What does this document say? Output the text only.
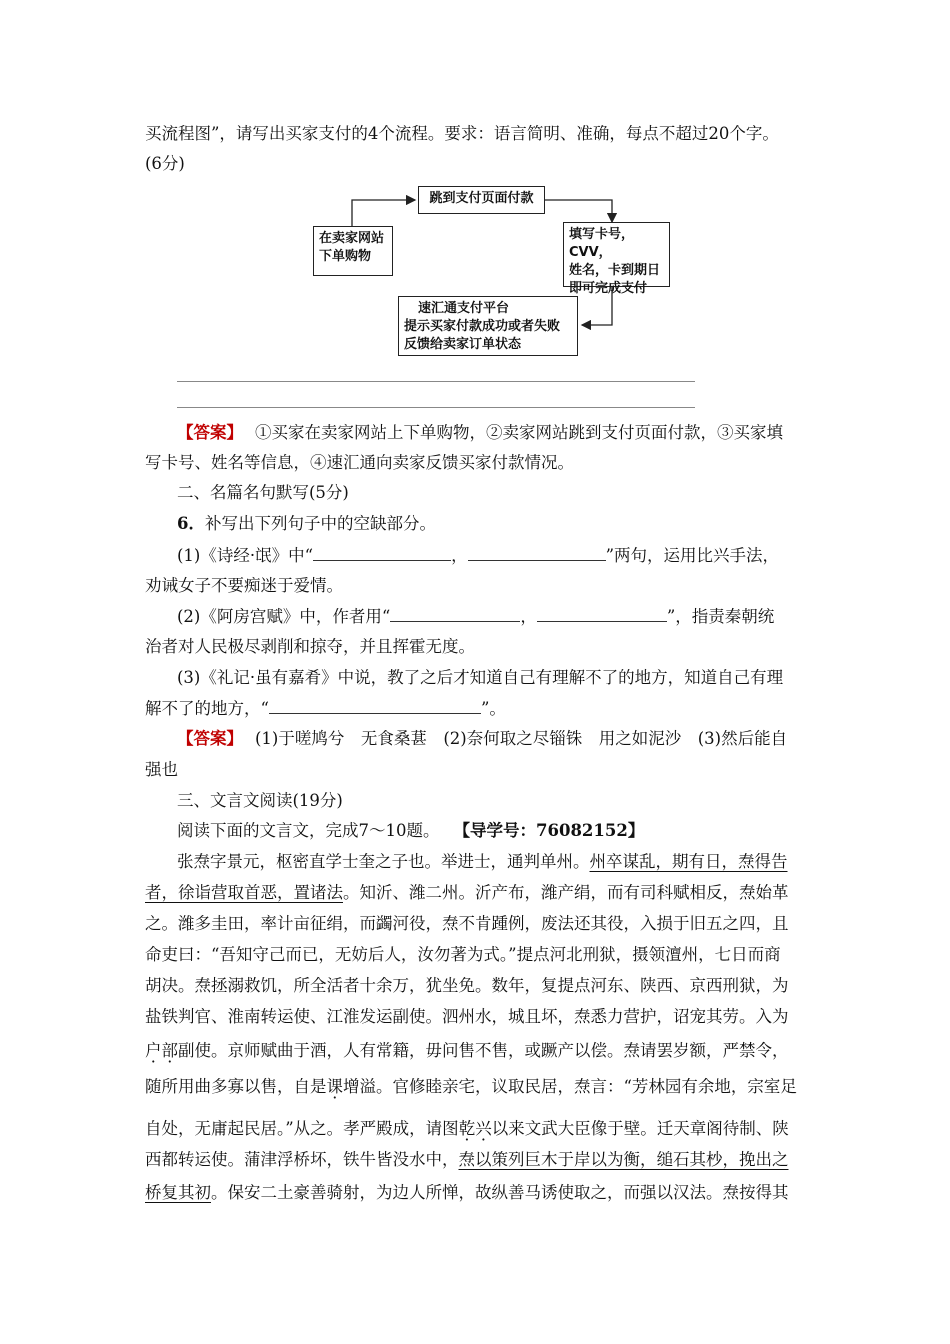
买流程图”，请写出买家支付的4个流程。要求：语言简明、准确，每点不超过20个字。
(6分)
跳到支付页面付款
在卖家网站
下单购物
填写卡号，CVV，
姓名，卡到期日
即可完成支付
速汇通支付平台
提示买家付款成功或者失败
反馈给卖家订单状态
【答案】 ①买家在卖家网站上下单购物，②卖家网站跳到支付页面付款，③买家填
写卡号、姓名等信息，④速汇通向卖家反馈买家付款情况。
二、名篇名句默写(5分)
6．补写出下列句子中的空缺部分。
(1)《诗经·氓》中“	，	”两句，运用比兴手法，
劝诫女子不要痴迷于爱情。
(2)《阿房宫赋》中，作者用“	，	”，指责秦朝统
治者对人民极尽剥削和掠夺，并且挥霍无度。
(3)《礼记·虽有嘉肴》中说，教了之后才知道自己有理解不了的地方，知道自己有理
解不了的地方，“	”。
【答案】 (1)于嗟鸠兮　无食桑葚　(2)奈何取之尽锱铢　用之如泥沙　(3)然后能自
强也
三、文言文阅读(19分)
阅读下面的文言文，完成7～10题。 【导学号：76082152】
张焘字景元，枢密直学士奎之子也。举进士，通判单州。州卒谋乱，期有日，焘得告
者，徐诣营取首恶，置诸法。知沂、潍二州。沂产布，潍产绢，而有司科赋相反，焘始革
之。潍多圭田，率计亩征绢，而蠲河役，焘不肯踵例，废法还其役，入损于旧五之四，且
命吏曰：“吾知守己而已，无妨后人，汝勿著为式。”提点河北刑狱，摄领澶州，七日而商
胡决。焘拯溺救饥，所全活者十余万，犹坐免。数年，复提点河东、陕西、京西刑狱，为
盐铁判官、淮南转运使、江淮发运副使。泗州水，城且坏，焘悉力营护，诏宠其劳。入为
户部副使。京师赋曲于酒，人有常籍，毋问售不售，或蹶产以偿。焘请罢岁额，严禁令，
随所用曲多寡以售，自是课增溢。官修睦亲宅，议取民居，焘言：“芳林园有余地，宗室足
自处，无庸起民居。”从之。孝严殿成，请图乾兴以来文武大臣像于壁。迁天章阁待制、陕
西都转运使。蒲津浮桥坏，铁牛皆没水中，焘以策列巨木于岸以为衡，缒石其杪，挽出之
桥复其初。保安二土豪善骑射，为边人所惮，故纵善马诱使取之，而强以汉法。焘按得其
